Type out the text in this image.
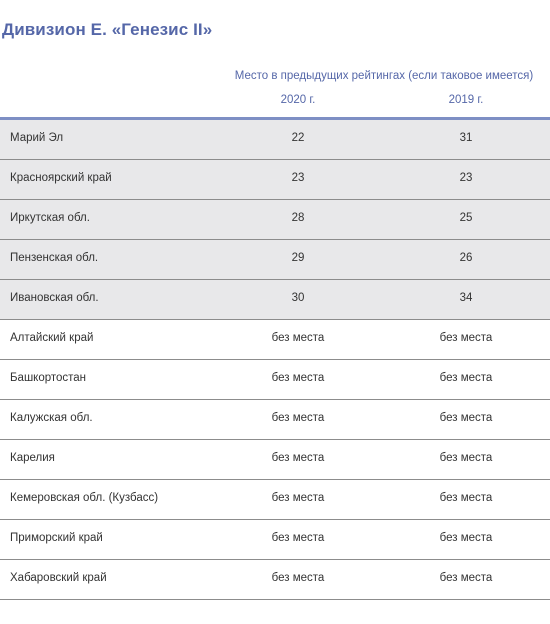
Дивизион Е. «Генезис II»
Место в предыдущих рейтингах (если таковое имеется)
2020 г.	2019 г.
Марий Эл	22	31
Красноярский край	23	23
Иркутская обл.	28	25
Пензенская обл.	29	26
Ивановская обл.	30	34
Алтайский край	без места	без места
Башкортостан	без места	без места
Калужская обл.	без места	без места
Карелия	без места	без места
Кемеровская обл. (Кузбасс)	без места	без места
Приморский край	без места	без места
Хабаровский край	без места	без места
